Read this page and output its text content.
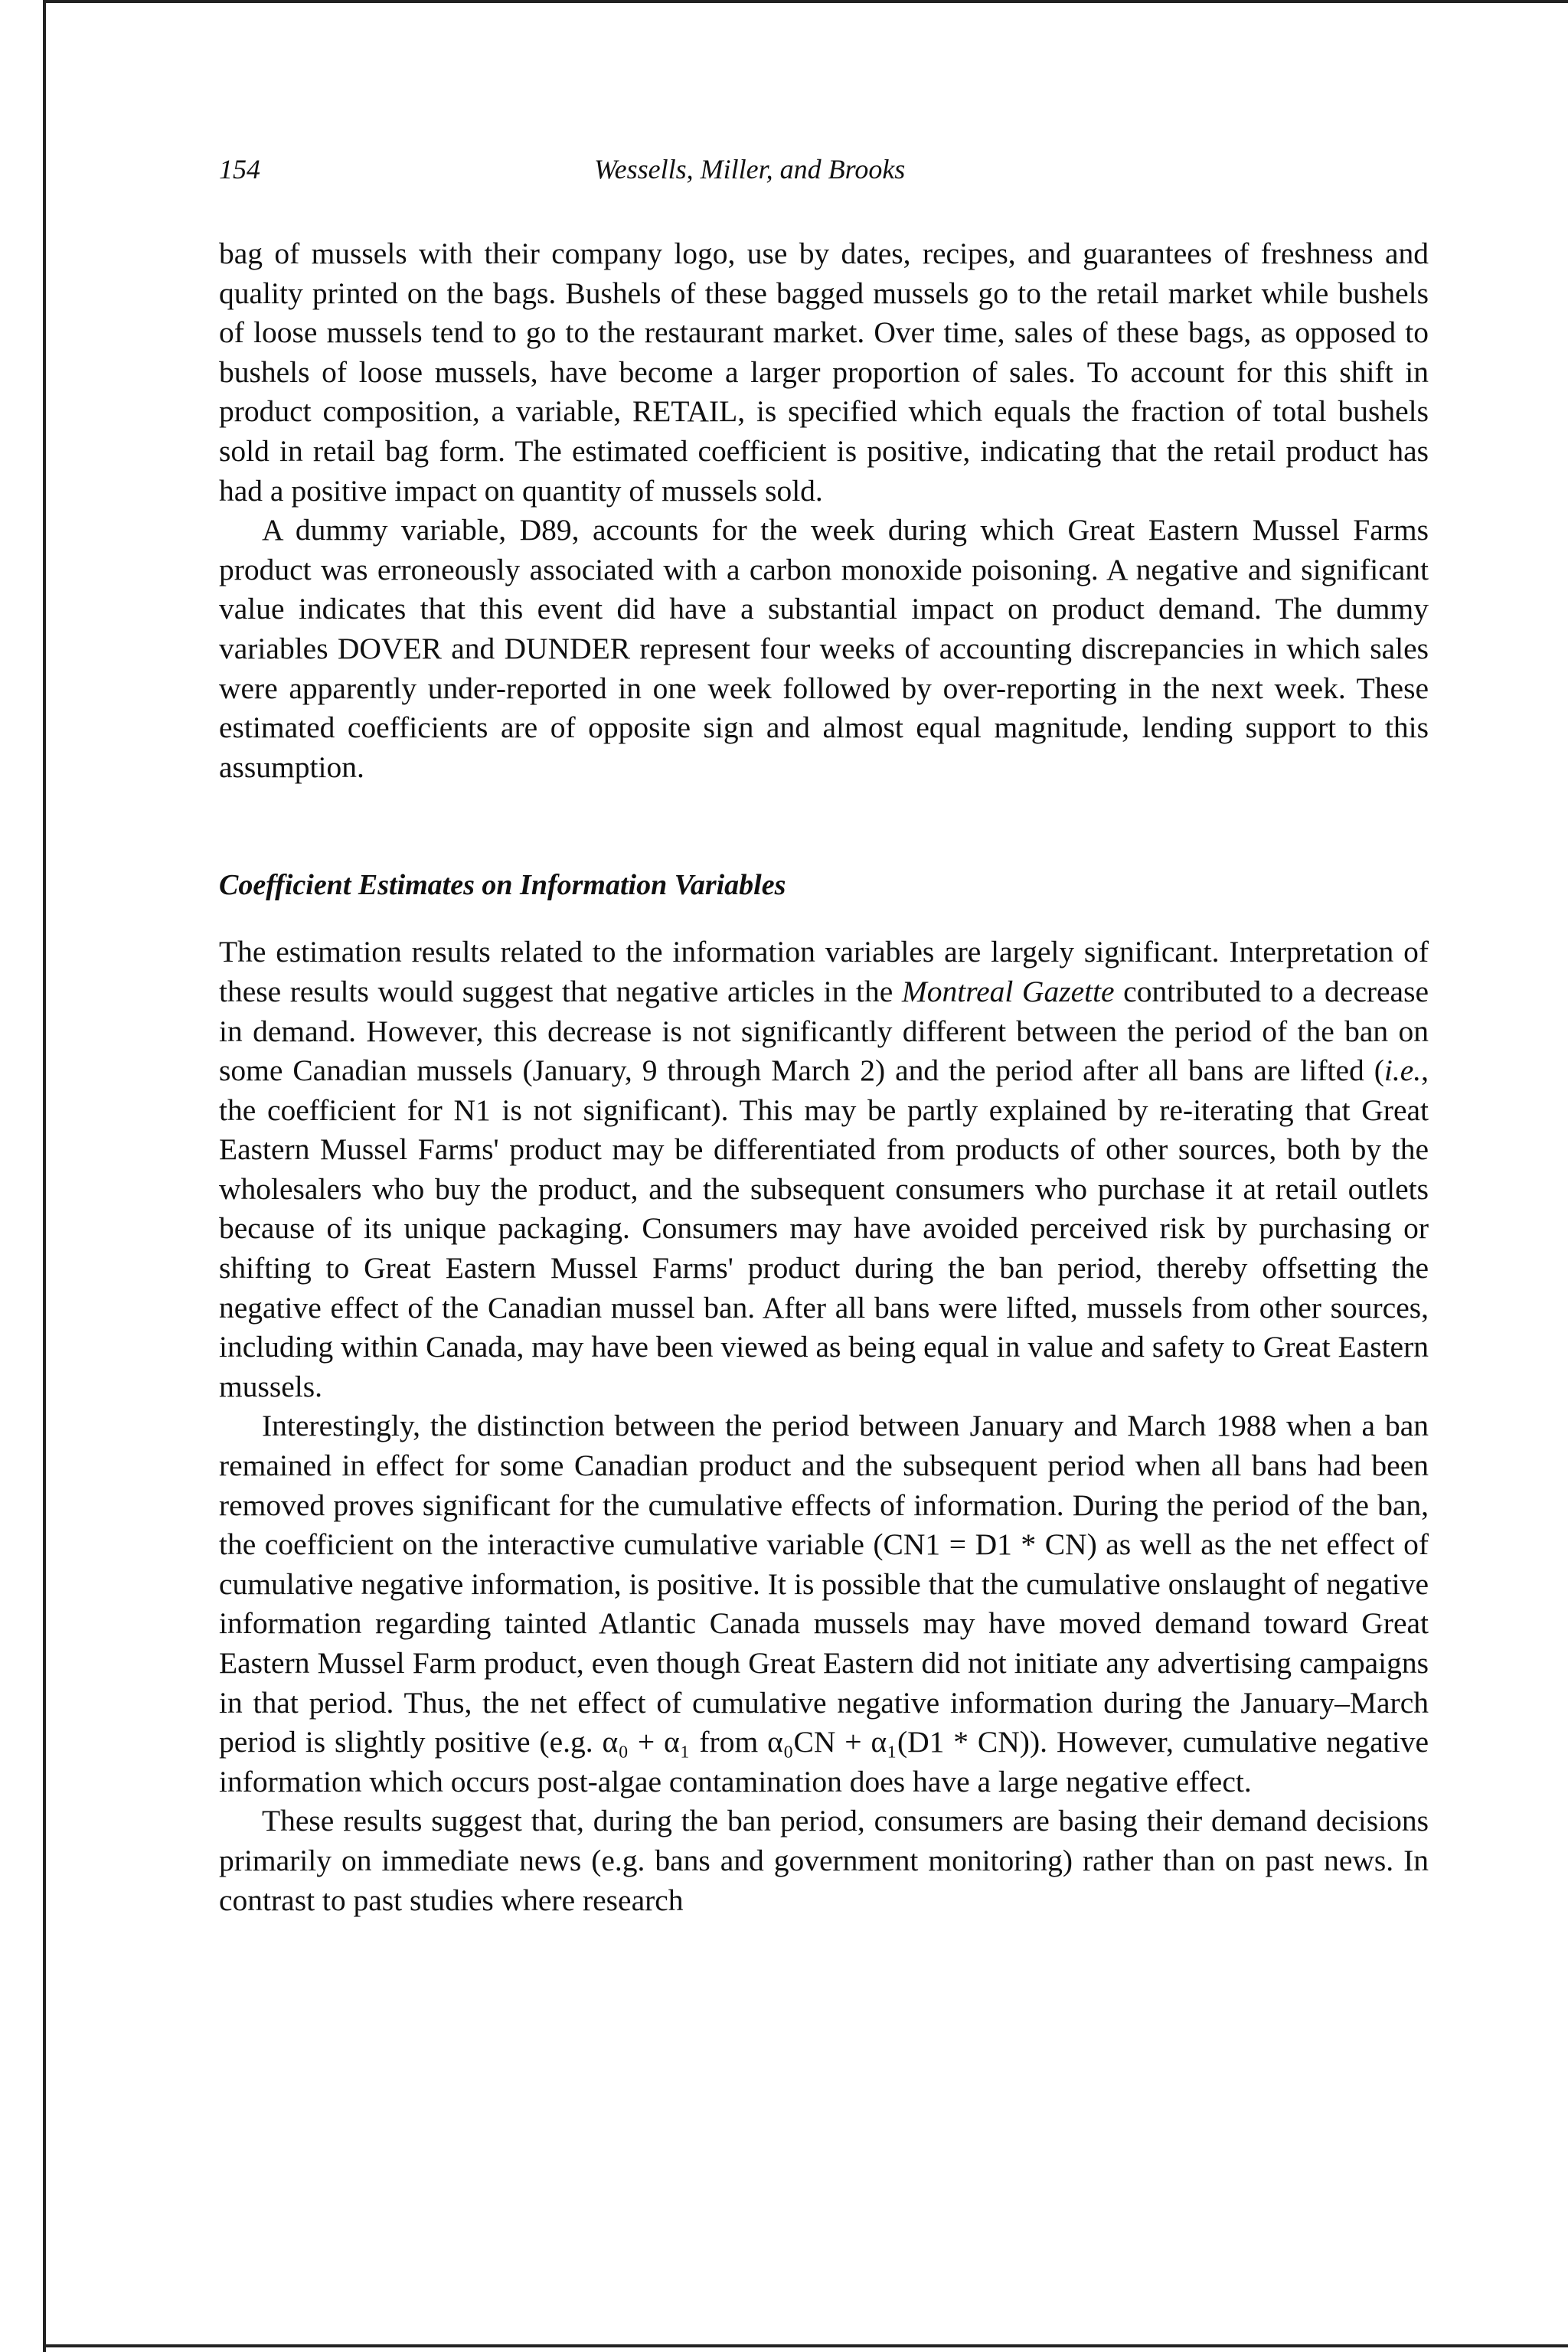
154	Wessells, Miller, and Brooks

bag of mussels with their company logo, use by dates, recipes, and guarantees of freshness and quality printed on the bags. Bushels of these bagged mussels go to the retail market while bushels of loose mussels tend to go to the restaurant market. Over time, sales of these bags, as opposed to bushels of loose mussels, have become a larger proportion of sales. To account for this shift in product composition, a variable, RETAIL, is specified which equals the fraction of total bushels sold in retail bag form. The estimated coefficient is positive, indicating that the retail product has had a positive impact on quantity of mussels sold.

A dummy variable, D89, accounts for the week during which Great Eastern Mussel Farms product was erroneously associated with a carbon monoxide poisoning. A negative and significant value indicates that this event did have a substantial impact on product demand. The dummy variables DOVER and DUNDER represent four weeks of accounting discrepancies in which sales were apparently under-reported in one week followed by over-reporting in the next week. These estimated coefficients are of opposite sign and almost equal magnitude, lending support to this assumption.

Coefficient Estimates on Information Variables

The estimation results related to the information variables are largely significant. Interpretation of these results would suggest that negative articles in the Montreal Gazette contributed to a decrease in demand. However, this decrease is not significantly different between the period of the ban on some Canadian mussels (January, 9 through March 2) and the period after all bans are lifted (i.e., the coefficient for N1 is not significant). This may be partly explained by re-iterating that Great Eastern Mussel Farms' product may be differentiated from products of other sources, both by the wholesalers who buy the product, and the subsequent consumers who purchase it at retail outlets because of its unique packaging. Consumers may have avoided perceived risk by purchasing or shifting to Great Eastern Mussel Farms' product during the ban period, thereby offsetting the negative effect of the Canadian mussel ban. After all bans were lifted, mussels from other sources, including within Canada, may have been viewed as being equal in value and safety to Great Eastern mussels.

Interestingly, the distinction between the period between January and March 1988 when a ban remained in effect for some Canadian product and the subsequent period when all bans had been removed proves significant for the cumulative effects of information. During the period of the ban, the coefficient on the interactive cumulative variable (CN1 = D1 * CN) as well as the net effect of cumulative negative information, is positive. It is possible that the cumulative onslaught of negative information regarding tainted Atlantic Canada mussels may have moved demand toward Great Eastern Mussel Farm product, even though Great Eastern did not initiate any advertising campaigns in that period. Thus, the net effect of cumulative negative information during the January–March period is slightly positive (e.g. α₀ + α₁ from α₀CN + α₁(D1 * CN)). However, cumulative negative information which occurs post-algae contamination does have a large negative effect.

These results suggest that, during the ban period, consumers are basing their demand decisions primarily on immediate news (e.g. bans and government monitoring) rather than on past news. In contrast to past studies where research
